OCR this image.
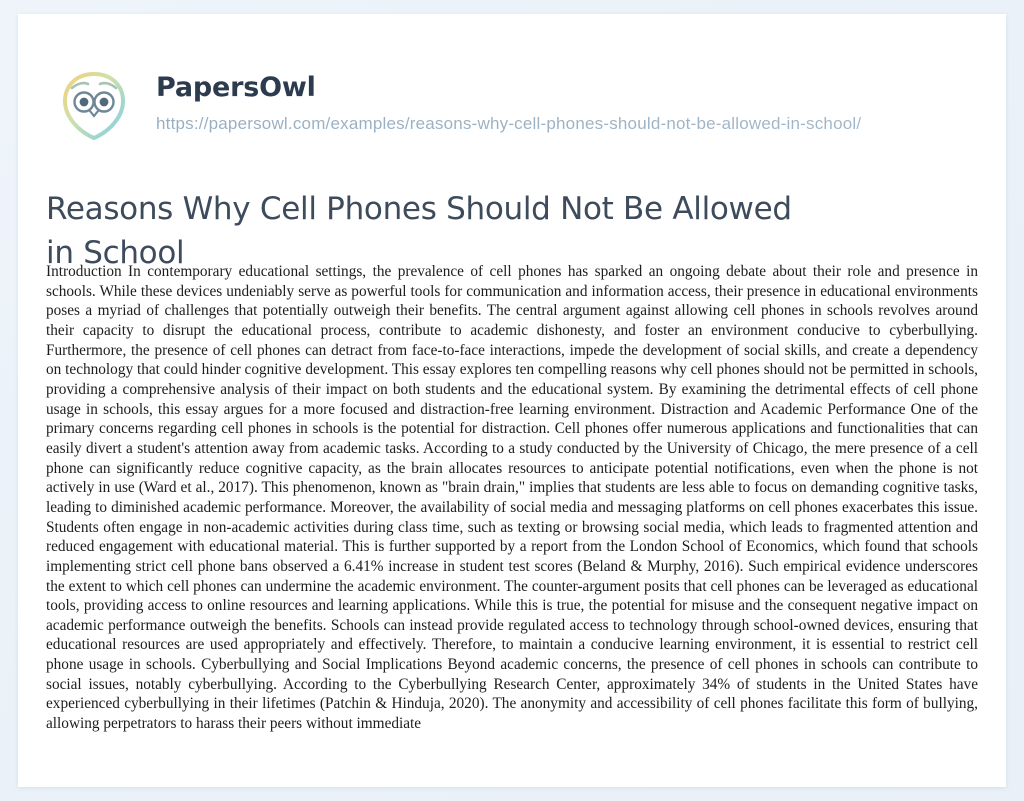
PapersOwl
https://papersowl.com/examples/reasons-why-cell-phones-should-not-be-allowed-in-school/
Reasons Why Cell Phones Should Not Be Allowed in School
Introduction In contemporary educational settings, the prevalence of cell phones has sparked an ongoing debate about their role and presence in schools. While these devices undeniably serve as powerful tools for communication and information access, their presence in educational environments poses a myriad of challenges that potentially outweigh their benefits. The central argument against allowing cell phones in schools revolves around their capacity to disrupt the educational process, contribute to academic dishonesty, and foster an environment conducive to cyberbullying. Furthermore, the presence of cell phones can detract from face-to-face interactions, impede the development of social skills, and create a dependency on technology that could hinder cognitive development. This essay explores ten compelling reasons why cell phones should not be permitted in schools, providing a comprehensive analysis of their impact on both students and the educational system. By examining the detrimental effects of cell phone usage in schools, this essay argues for a more focused and distraction-free learning environment. Distraction and Academic Performance One of the primary concerns regarding cell phones in schools is the potential for distraction. Cell phones offer numerous applications and functionalities that can easily divert a student's attention away from academic tasks. According to a study conducted by the University of Chicago, the mere presence of a cell phone can significantly reduce cognitive capacity, as the brain allocates resources to anticipate potential notifications, even when the phone is not actively in use (Ward et al., 2017). This phenomenon, known as "brain drain," implies that students are less able to focus on demanding cognitive tasks, leading to diminished academic performance. Moreover, the availability of social media and messaging platforms on cell phones exacerbates this issue. Students often engage in non-academic activities during class time, such as texting or browsing social media, which leads to fragmented attention and reduced engagement with educational material. This is further supported by a report from the London School of Economics, which found that schools implementing strict cell phone bans observed a 6.41% increase in student test scores (Beland & Murphy, 2016). Such empirical evidence underscores the extent to which cell phones can undermine the academic environment. The counter-argument posits that cell phones can be leveraged as educational tools, providing access to online resources and learning applications. While this is true, the potential for misuse and the consequent negative impact on academic performance outweigh the benefits. Schools can instead provide regulated access to technology through school-owned devices, ensuring that educational resources are used appropriately and effectively. Therefore, to maintain a conducive learning environment, it is essential to restrict cell phone usage in schools. Cyberbullying and Social Implications Beyond academic concerns, the presence of cell phones in schools can contribute to social issues, notably cyberbullying. According to the Cyberbullying Research Center, approximately 34% of students in the United States have experienced cyberbullying in their lifetimes (Patchin & Hinduja, 2020). The anonymity and accessibility of cell phones facilitate this form of bullying, allowing perpetrators to harass their peers without immediate
